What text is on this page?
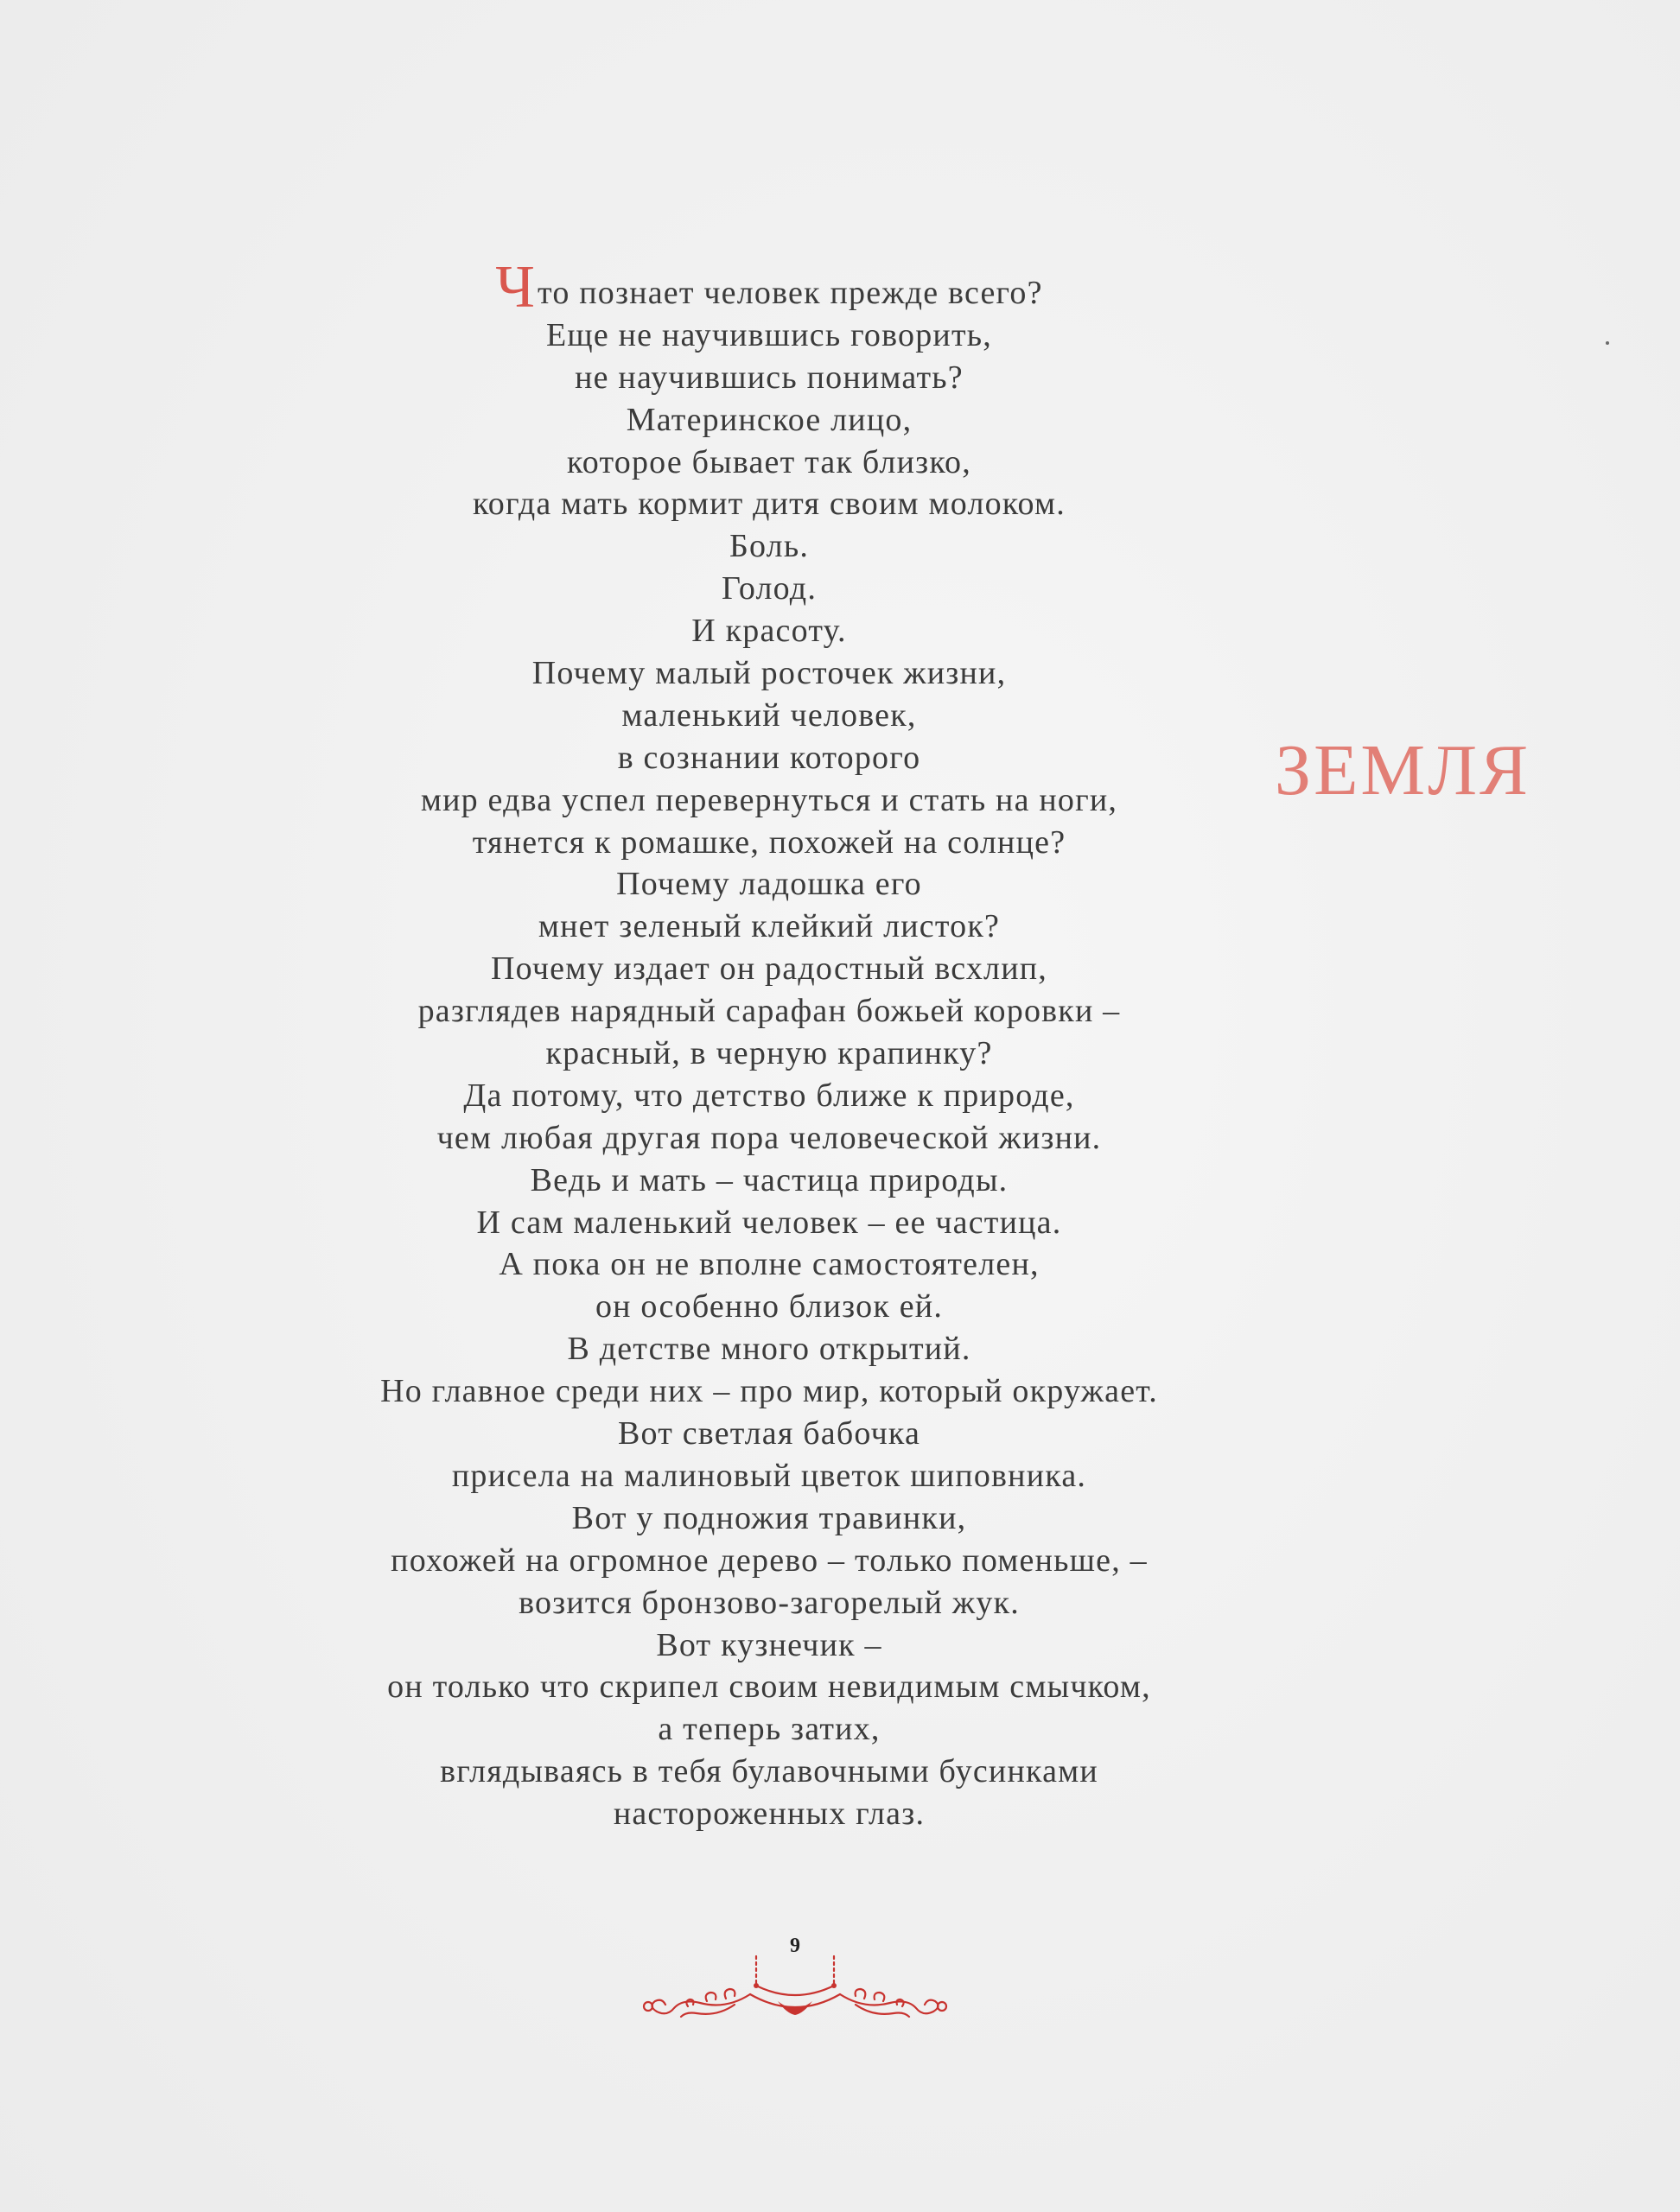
Что познает человек прежде всего?
Еще не научившись говорить,
не научившись понимать?
Материнское лицо,
которое бывает так близко,
когда мать кормит дитя своим молоком.
Боль.
Голод.
И красоту.
Почему малый росточек жизни,
маленький человек,
в сознании которого
мир едва успел перевернуться и стать на ноги,
тянется к ромашке, похожей на солнце?
Почему ладошка его
мнет зеленый клейкий листок?
Почему издает он радостный всхлип,
разглядев нарядный сарафан божьей коровки –
красный, в черную крапинку?
Да потому, что детство ближе к природе,
чем любая другая пора человеческой жизни.
Ведь и мать – частица природы.
И сам маленький человек – ее частица.
А пока он не вполне самостоятелен,
он особенно близок ей.
В детстве много открытий.
Но главное среди них – про мир, который окружает.
Вот светлая бабочка
присела на малиновый цветок шиповника.
Вот у подножия травинки,
похожей на огромное дерево – только поменьше, –
возится бронзово-загорелый жук.
Вот кузнечик –
он только что скрипел своим невидимым смычком,
а теперь затих,
вглядываясь в тебя булавочными бусинками
настороженных глаз.
ЗЕМЛЯ
9
